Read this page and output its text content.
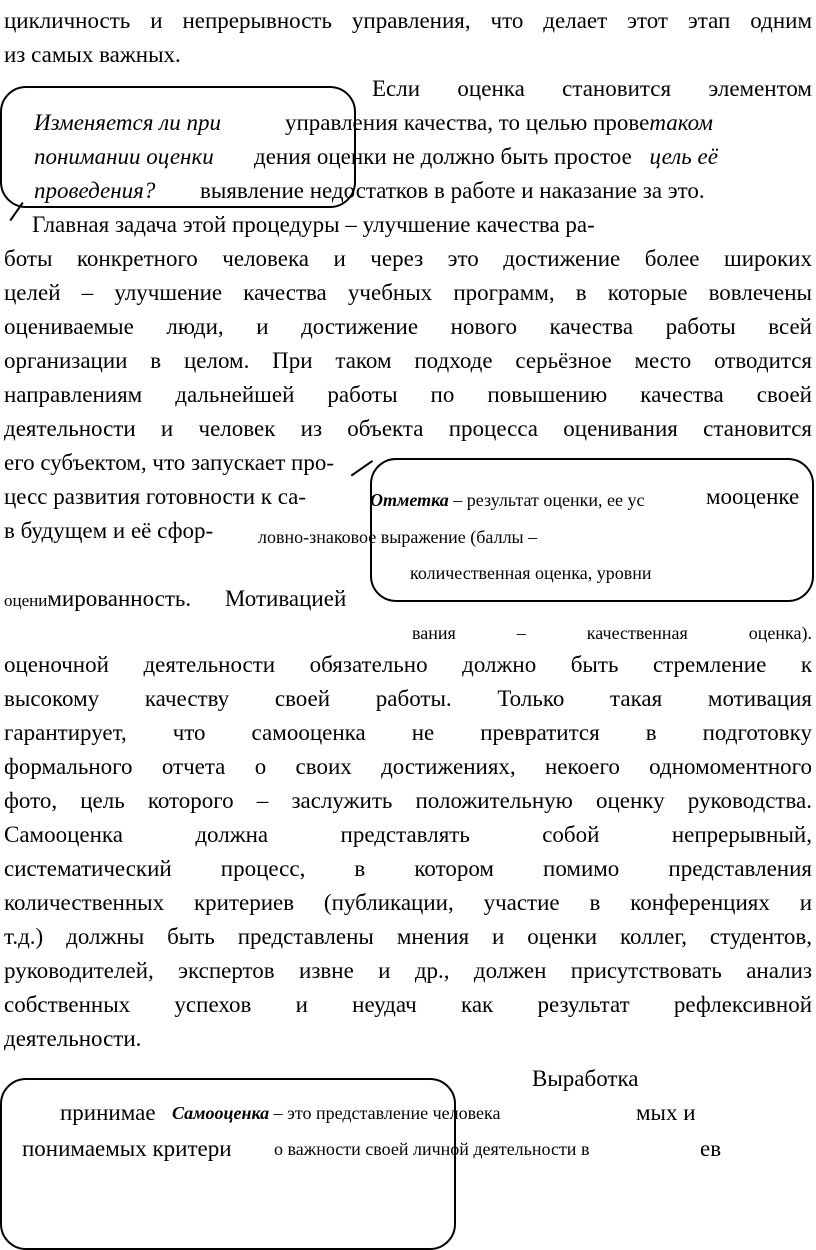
цикличность и непрерывность управления, что делает этот этап одним
из самых важных.
Если оценка становится элементом
управления качества, то целью проветаком
дения оценки не должно быть простое цель её
выявление недостатков в работе и наказание за это.
Главная задача этой процедуры – улучшение качества ра-
боты конкретного человека и через это достижение более широких
целей – улучшение качества учебных программ, в которые вовлечены
оцениваемые люди, и достижение нового качества работы всей
организации в целом. При таком подходе серьёзное место отводится
направлениям дальнейшей работы по повышению качества своей
деятельности и человек из объекта процесса оценивания становится
его субъектом, что запускает про-
цесс развития готовности к са-	мооценке
в будущем и её сфор-
оценимированность. Мотивацией
оценочной деятельности обязательно должно быть стремление к
высокому качеству своей работы. Только такая мотивация
гарантирует, что самооценка не превратится в подготовку
формального отчета о своих достижениях, некоего одномоментного
фото, цель которого – заслужить положительную оценку руководства.
Самооценка должна представлять собой непрерывный,
систематический процесс, в котором помимо представления
количественных критериев (публикации, участие в конференциях и
т.д.) должны быть представлены мнения и оценки коллег, студентов,
руководителей, экспертов извне и др., должен присутствовать анализ
собственных успехов и неудач как результат рефлексивной
деятельности.
Выработка
принимае	мых и
понимаемых критери	ев
Изменяется ли при
понимании оценки
проведения?
Отметка – результат оценки, ее ус
ловно-знаковое выражение (баллы –
количественная оценка, уровни
вания – качественная оценка).
Самооценка – это представление человека
о важности своей личной деятельности в
